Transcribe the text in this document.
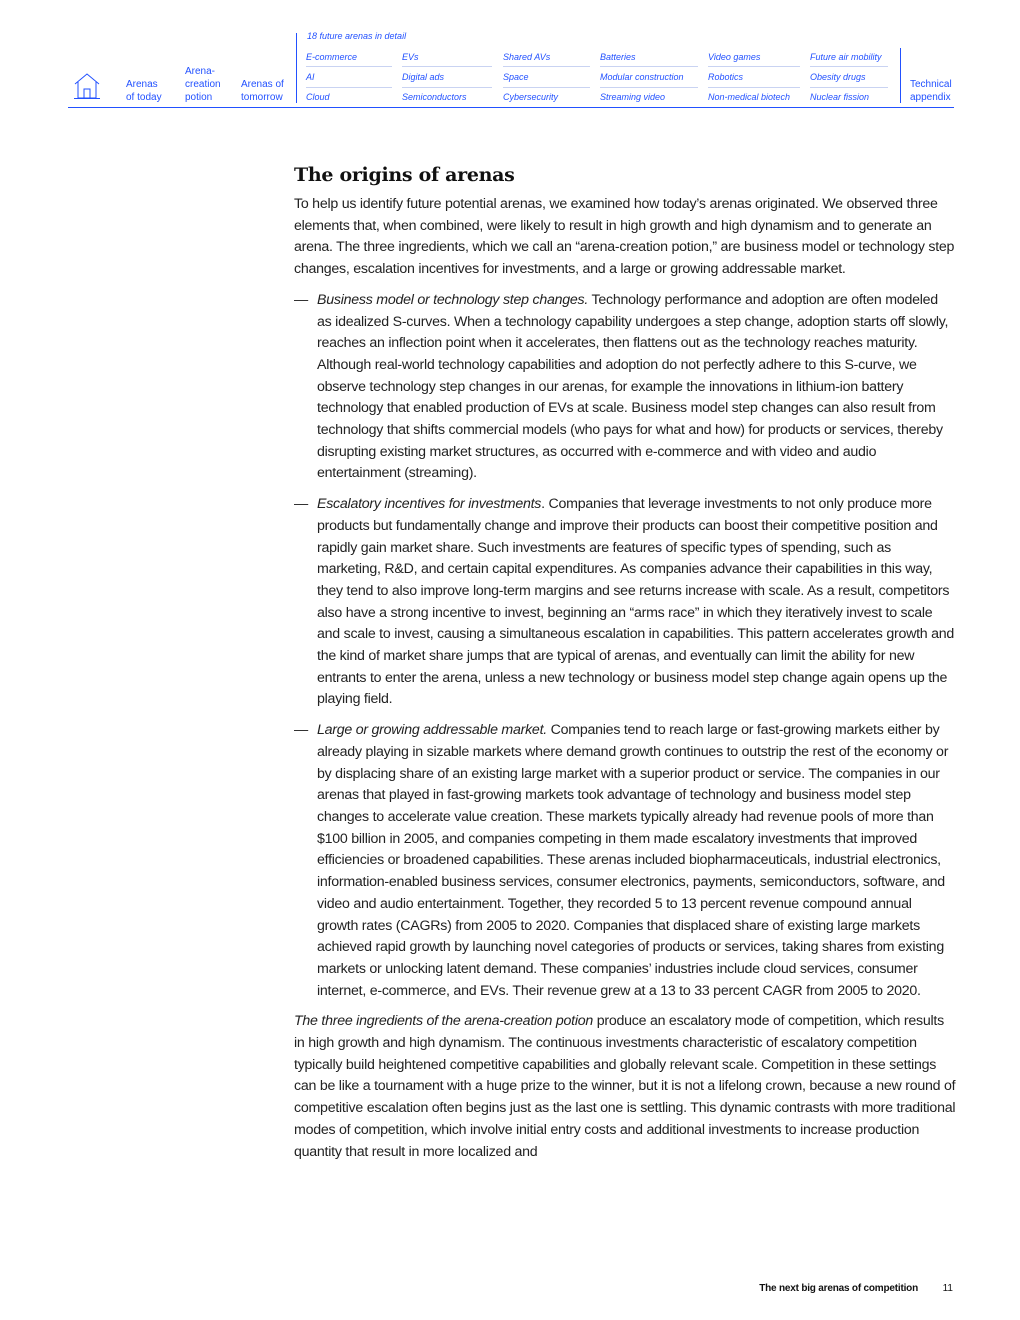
Arenas
of today
Arena-
creation
potion
Arenas of
tomorrow
18 future arenas in detail
E-commerce
AI
Cloud
EVs
Digital ads
Semiconductors
Shared AVs
Space
Cybersecurity
Batteries
Modular construction
Streaming video
Video games
Robotics
Non-medical biotech
Future air mobility
Obesity drugs
Nuclear fission
Technical
appendix
The origins of arenas

To help us identify future potential arenas, we examined how today’s arenas originated. We observed three elements that, when combined, were likely to result in high growth and high dynamism and to generate an arena. The three ingredients, which we call an “arena-creation potion,” are business model or technology step changes, escalation incentives for investments, and a large or growing addressable market.

— Business model or technology step changes. Technology performance and adoption are often modeled as idealized S-curves. When a technology capability undergoes a step change, adoption starts off slowly, reaches an inflection point when it accelerates, then flattens out as the technology reaches maturity. Although real-world technology capabilities and adoption do not perfectly adhere to this S-curve, we observe technology step changes in our arenas, for example the innovations in lithium-ion battery technology that enabled production of EVs at scale. Business model step changes can also result from technology that shifts commercial models (who pays for what and how) for products or services, thereby disrupting existing market structures, as occurred with e-commerce and with video and audio entertainment (streaming).
— Escalatory incentives for investments. Companies that leverage investments to not only produce more products but fundamentally change and improve their products can boost their competitive position and rapidly gain market share. Such investments are features of specific types of spending, such as marketing, R&D, and certain capital expenditures. As companies advance their capabilities in this way, they tend to also improve long-term margins and see returns increase with scale. As a result, competitors also have a strong incentive to invest, beginning an “arms race” in which they iteratively invest to scale and scale to invest, causing a simultaneous escalation in capabilities. This pattern accelerates growth and the kind of market share jumps that are typical of arenas, and eventually can limit the ability for new entrants to enter the arena, unless a new technology or business model step change again opens up the playing field.
— Large or growing addressable market. Companies tend to reach large or fast-growing markets either by already playing in sizable markets where demand growth continues to outstrip the rest of the economy or by displacing share of an existing large market with a superior product or service. The companies in our arenas that played in fast-growing markets took advantage of technology and business model step changes to accelerate value creation. These markets typically already had revenue pools of more than $100 billion in 2005, and companies competing in them made escalatory investments that improved efficiencies or broadened capabilities. These arenas included biopharmaceuticals, industrial electronics, information-enabled business services, consumer electronics, payments, semiconductors, software, and video and audio entertainment. Together, they recorded 5 to 13 percent revenue compound annual growth rates (CAGRs) from 2005 to 2020. Companies that displaced share of existing large markets achieved rapid growth by launching novel categories of products or services, taking shares from existing markets or unlocking latent demand. These companies’ industries include cloud services, consumer internet, e-commerce, and EVs. Their revenue grew at a 13 to 33 percent CAGR from 2005 to 2020.

The three ingredients of the arena-creation potion produce an escalatory mode of competition, which results in high growth and high dynamism. The continuous investments characteristic of escalatory competition typically build heightened competitive capabilities and globally relevant scale. Competition in these settings can be like a tournament with a huge prize to the winner, but it is not a lifelong crown, because a new round of competitive escalation often begins just as the last one is settling. This dynamic contrasts with more traditional modes of competition, which involve initial entry costs and additional investments to increase production quantity that result in more localized and

The next big arenas of competition 11
